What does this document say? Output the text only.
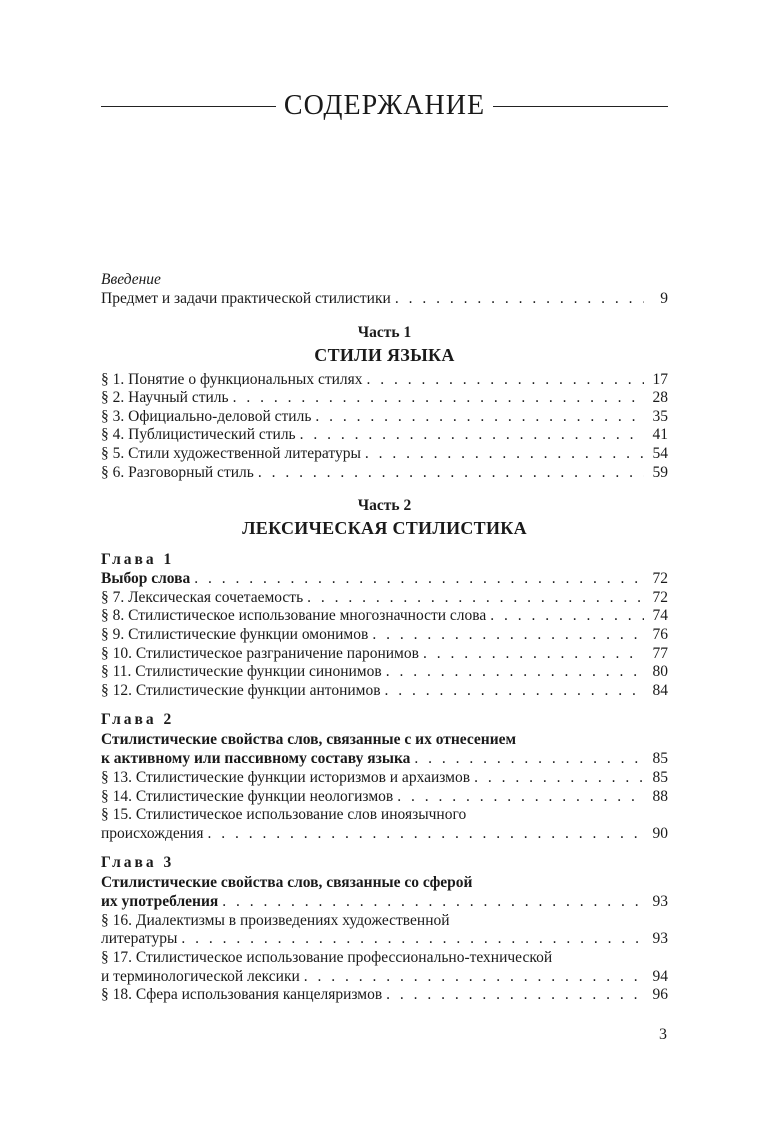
СОДЕРЖАНИЕ
Введение
Предмет и задачи практической стилистики . . .	9
Часть 1
СТИЛИ ЯЗЫКА
§ 1. Понятие о функциональных стилях . . .	17
§ 2. Научный стиль . . .	28
§ 3. Официально-деловой стиль . . .	35
§ 4. Публицистический стиль . . .	41
§ 5. Стили художественной литературы . . .	54
§ 6. Разговорный стиль . . .	59
Часть 2
ЛЕКСИЧЕСКАЯ СТИЛИСТИКА
Глава 1
Выбор слова . . .	72
§ 7. Лексическая сочетаемость . . .	72
§ 8. Стилистическое использование многозначности слова . . .	74
§ 9. Стилистические функции омонимов . . .	76
§ 10. Стилистическое разграничение паронимов . . .	77
§ 11. Стилистические функции синонимов . . .	80
§ 12. Стилистические функции антонимов . . .	84
Глава 2
Стилистические свойства слов, связанные с их отнесением
к активному или пассивному составу языка . . .	85
§ 13. Стилистические функции историзмов и архаизмов . . .	85
§ 14. Стилистические функции неологизмов . . .	88
§ 15. Стилистическое использование слов иноязычного
происхождения . . .	90
Глава 3
Стилистические свойства слов, связанные со сферой
их употребления . . .	93
§ 16. Диалектизмы в произведениях художественной
литературы . . .	93
§ 17. Стилистическое использование профессионально-технической
и терминологической лексики . . .	94
§ 18. Сфера использования канцеляризмов . . .	96
3
